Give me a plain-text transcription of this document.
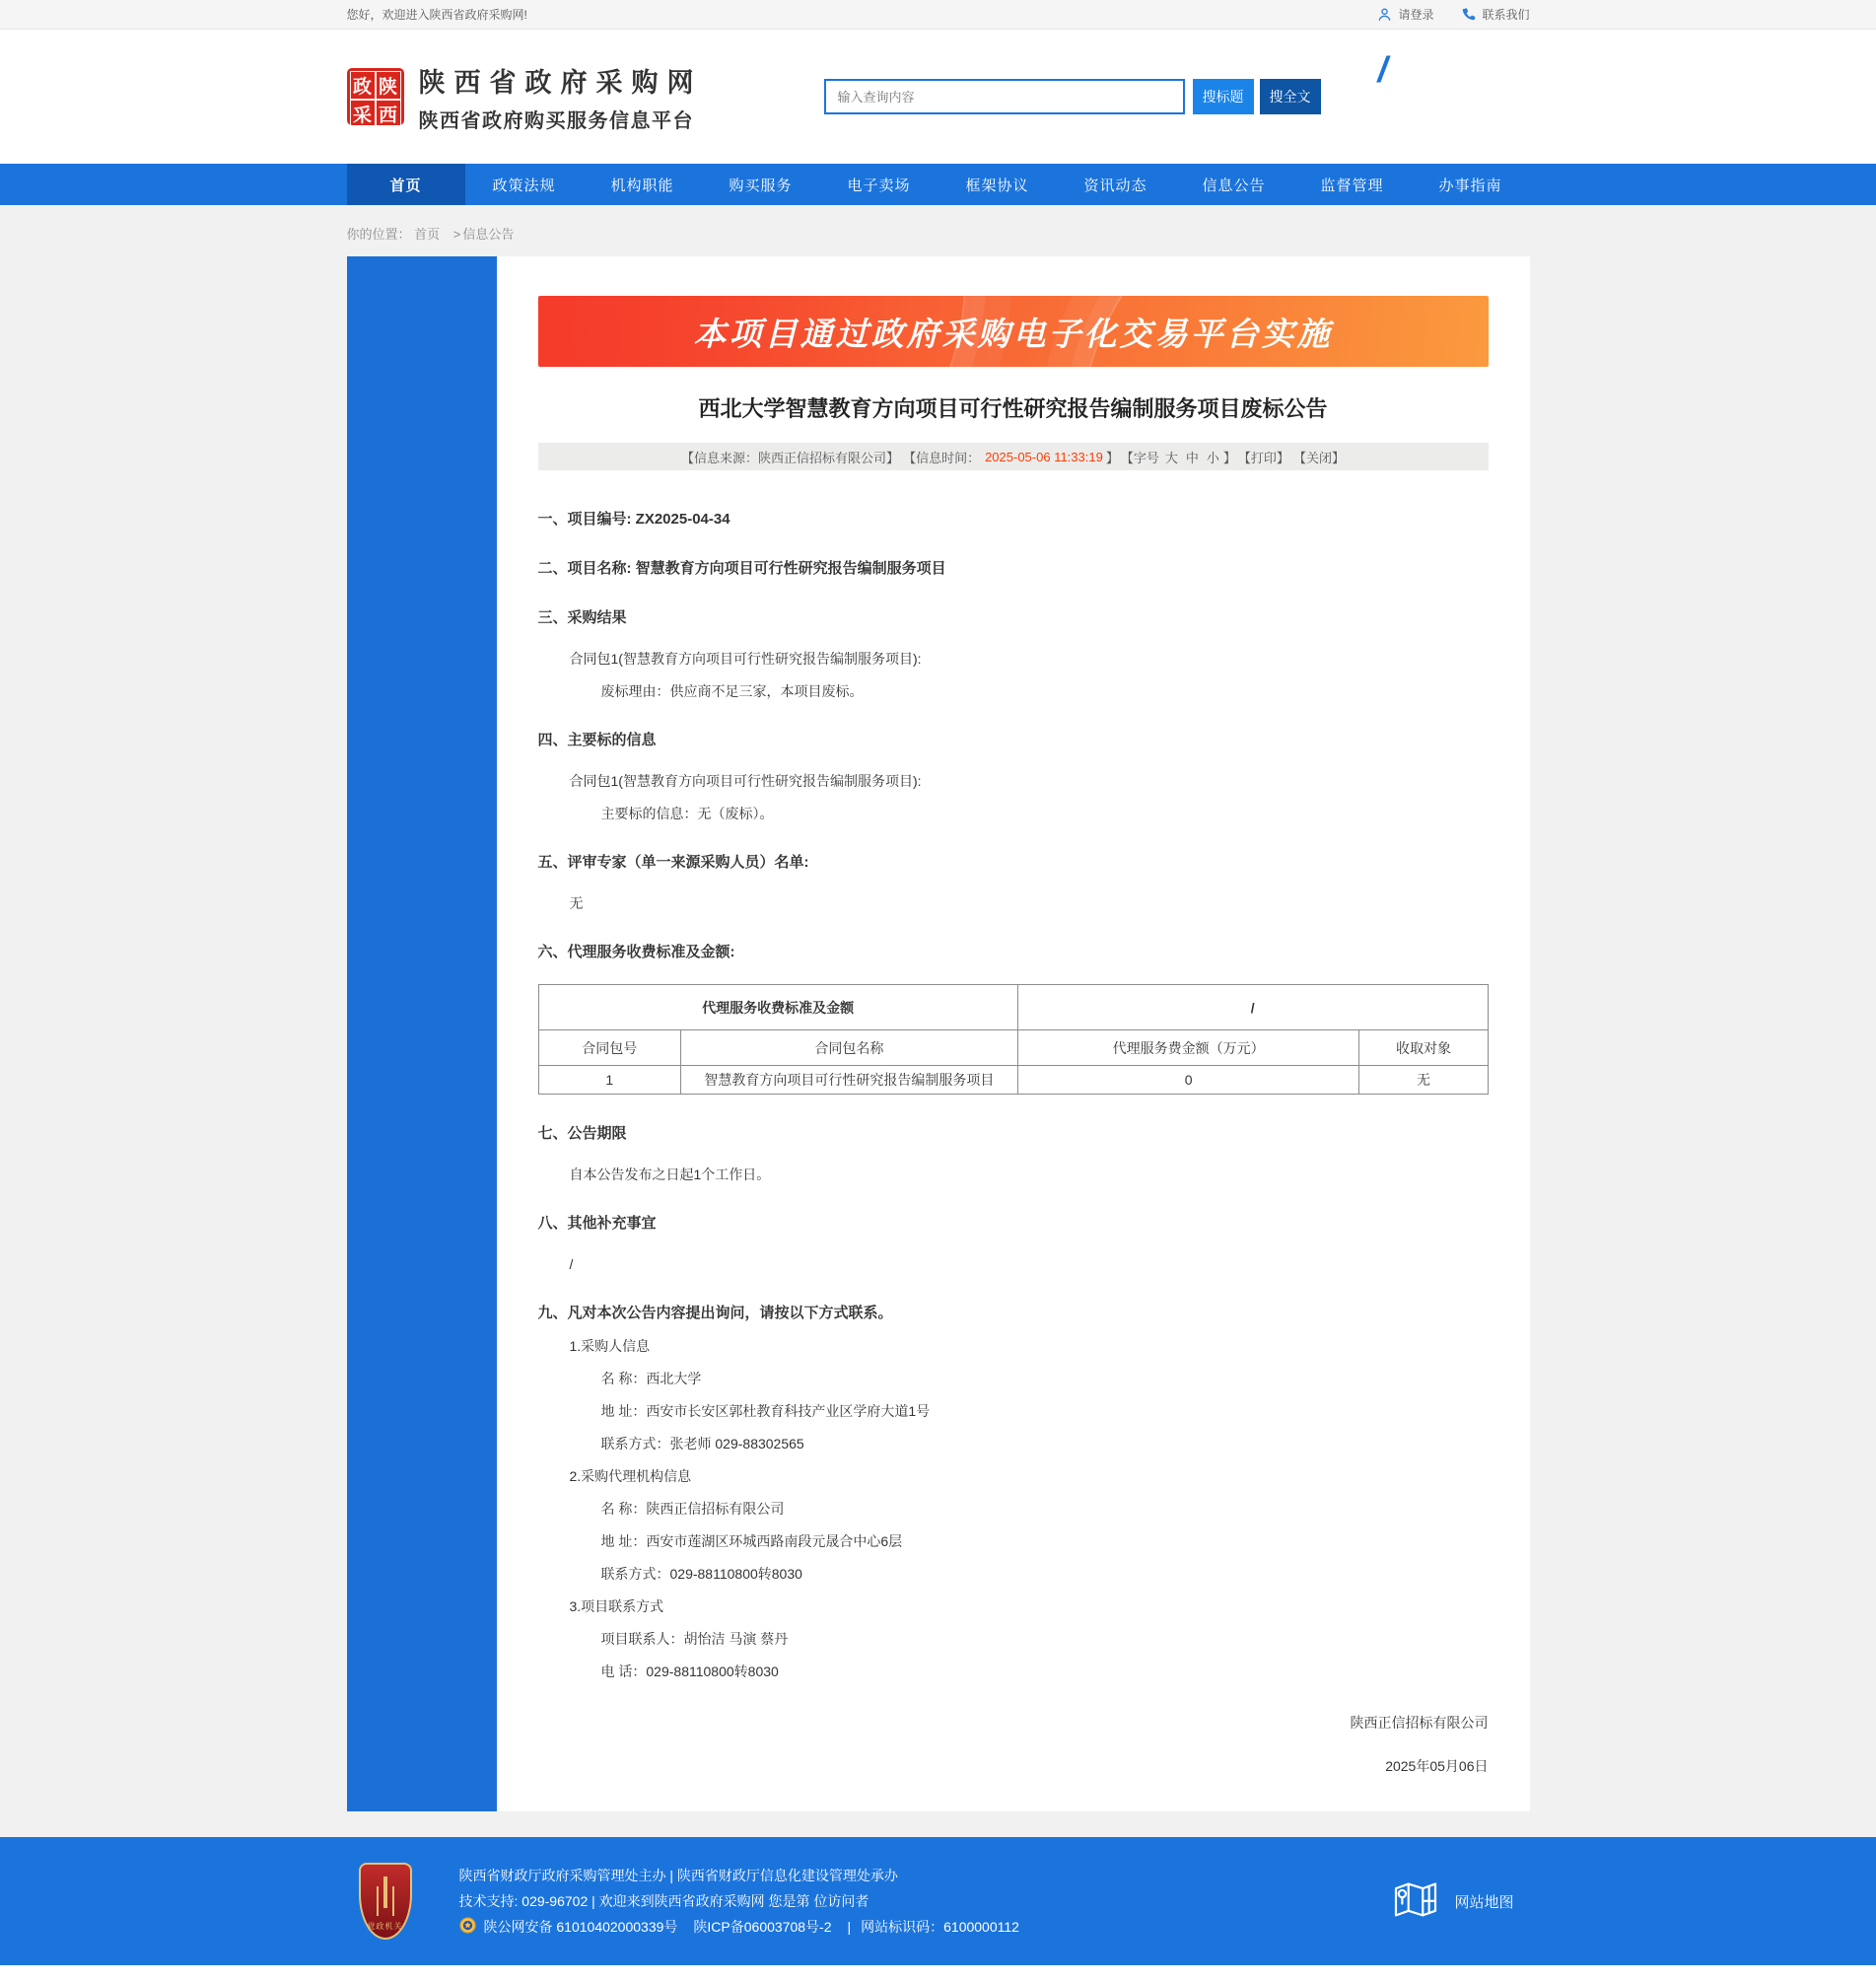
您好，欢迎进入陕西省政府采购网!	请登录	联系我们
政 陕
采 西
陕西省政府采购网
陕西省政府购买服务信息平台
输入查询内容
搜标题	搜全文
/
首页	政策法规	机构职能	购买服务	电子卖场	框架协议	资讯动态	信息公告	监督管理	办事指南
你的位置： 首页 > 信息公告
本项目通过政府采购电子化交易平台实施
西北大学智慧教育方向项目可行性研究报告编制服务项目废标公告
【信息来源：陕西正信招标有限公司】 【信息时间： 2025-05-06 11:33:19 】 【字号 大 中 小 】 【打印】 【关闭】
一、项目编号: ZX2025-04-34
二、项目名称: 智慧教育方向项目可行性研究报告编制服务项目
三、采购结果

合同包1(智慧教育方向项目可行性研究报告编制服务项目):

废标理由：供应商不足三家，本项目废标。

四、主要标的信息

合同包1(智慧教育方向项目可行性研究报告编制服务项目):

主要标的信息：无（废标）。

五、评审专家（单一来源采购人员）名单:

无

六、代理服务收费标准及金额:
代理服务收费标准及金额		/	
合同包号	合同包名称	代理服务费金额（万元）	收取对象
1	智慧教育方向项目可行性研究报告编制服务项目	0	无
七、公告期限

自本公告发布之日起1个工作日。

八、其他补充事宜

/

九、凡对本次公告内容提出询问，请按以下方式联系。

1.采购人信息

名 称：西北大学

地 址：西安市长安区郭杜教育科技产业区学府大道1号

联系方式：张老师 029-88302565

2.采购代理机构信息

名 称：陕西正信招标有限公司

地 址：西安市莲湖区环城西路南段元晟合中心6层

联系方式：029-88110800转8030

3.项目联系方式

项目联系人：胡怡洁 马演 蔡丹

电 话：029-88110800转8030

陕西正信招标有限公司

2025年05月06日

党政机关

陕西省财政厅政府采购管理处主办 | 陕西省财政厅信息化建设管理处承办

技术支持: 029-96702 | 欢迎来到陕西省政府采购网 您是第 位访问者

陕公网安备 61010402000339号 陕ICP备06003708号-2 | 网站标识码：6100000112

网站地图
